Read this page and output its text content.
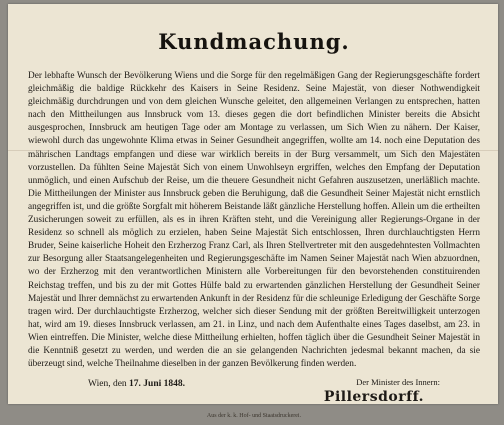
Kundmachung.

Der lebhafte Wunsch der Bevölkerung Wiens und die Sorge für den regelmäßigen Gang der Regierungsgeschäfte fordert gleichmäßig die baldige Rückkehr des Kaisers in Seine Residenz. Seine Majestät, von dieser Nothwendigkeit gleichmäßig durchdrungen und von dem gleichen Wunsche geleitet, den allgemeinen Verlangen zu entsprechen, hatten nach den Mittheilungen aus Innsbruck vom 13. dieses gegen die dort befindlichen Minister bereits die Absicht ausgesprochen, Innsbruck am heutigen Tage oder am Montage zu verlassen, um Sich Wien zu nähern. Der Kaiser, wiewohl durch das ungewohnte Klima etwas in Seiner Gesundheit angegriffen, wollte am 14. noch eine Deputation des mährischen Landtags empfangen und diese war wirklich bereits in der Burg versammelt, um Sich den Majestäten vorzustellen. Da fühlten Seine Majestät Sich von einem Unwohlseyn ergriffen, welches den Empfang der Deputation unmöglich, und einen Aufschub der Reise, um die theuere Gesundheit nicht Gefahren auszusetzen, unerläßlich machte. Die Mittheilungen der Minister aus Innsbruck geben die Beruhigung, daß die Gesundheit Seiner Majestät nicht ernstlich angegriffen ist, und die größte Sorgfalt mit höherem Beistande läßt gänzliche Herstellung hoffen. Allein um die ertheilten Zusicherungen soweit zu erfüllen, als es in ihren Kräften steht, und die Vereinigung aller Regierungs-Organe in der Residenz so schnell als möglich zu erzielen, haben Seine Majestät Sich entschlossen, Ihren durchlauchtigsten Herrn Bruder, Seine kaiserliche Hoheit den Erzherzog Franz Carl, als Ihren Stellvertreter mit den ausgedehntesten Vollmachten zur Besorgung aller Staatsangelegenheiten und Regierungsgeschäfte im Namen Seiner Majestät nach Wien abzuordnen, wo der Erzherzog mit den verantwortlichen Ministern alle Vorbereitungen für den bevorstehenden constituirenden Reichstag treffen, und bis zu der mit Gottes Hülfe bald zu erwartenden gänzlichen Herstellung der Gesundheit Seiner Majestät und Ihrer demnächst zu erwartenden Ankunft in der Residenz für die schleunige Erledigung der Geschäfte Sorge tragen wird. Der durchlauchtigste Erzherzog, welcher sich dieser Sendung mit der größten Bereitwilligkeit unterzogen hat, wird am 19. dieses Innsbruck verlassen, am 21. in Linz, und nach dem Aufenthalte eines Tages daselbst, am 23. in Wien eintreffen. Die Minister, welche diese Mittheilung erhielten, hoffen täglich über die Gesundheit Seiner Majestät in die Kenntniß gesetzt zu werden, und werden die an sie gelangenden Nachrichten jedesmal bekannt machen, da sie überzeugt sind, welche Theilnahme dieselben in der ganzen Bevölkerung finden werden.

Wien, den 17. Juni 1848.	Der Minister des Innern:
Pillersdorff.
Aus der k. k. Hof- und Staatsdruckerei.
